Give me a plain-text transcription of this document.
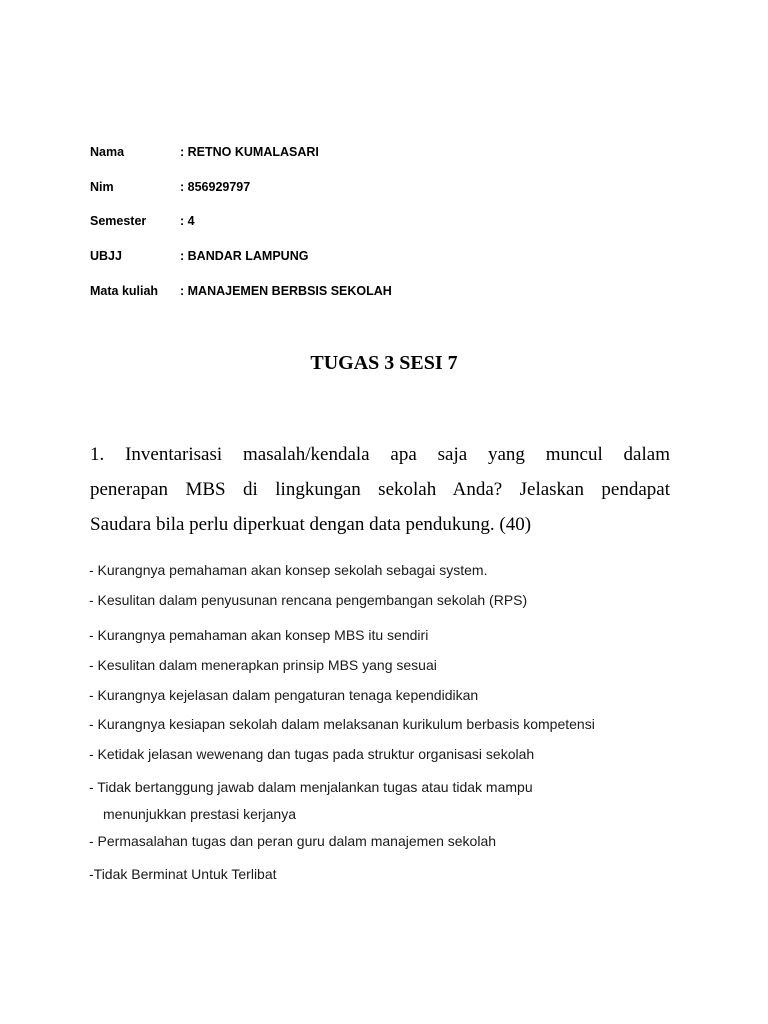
Nama	: RETNO KUMALASARI
Nim	: 856929797
Semester	: 4
UBJJ	: BANDAR LAMPUNG
Mata kuliah : MANAJEMEN BERBSIS SEKOLAH
TUGAS 3 SESI 7
1. Inventarisasi masalah/kendala apa saja yang muncul dalam
penerapan MBS di lingkungan sekolah Anda? Jelaskan pendapat
Saudara bila perlu diperkuat dengan data pendukung. (40)
- Kurangnya pemahaman akan konsep sekolah sebagai system.
- Kesulitan dalam penyusunan rencana pengembangan sekolah (RPS)
- Kurangnya pemahaman akan konsep MBS itu sendiri
- Kesulitan dalam menerapkan prinsip MBS yang sesuai
- Kurangnya kejelasan dalam pengaturan tenaga kependidikan
- Kurangnya kesiapan sekolah dalam melaksanan kurikulum berbasis kompetensi
- Ketidak jelasan wewenang dan tugas pada struktur organisasi sekolah
- Tidak bertanggung jawab dalam menjalankan tugas atau tidak mampu
menunjukkan prestasi kerjanya
- Permasalahan tugas dan peran guru dalam manajemen sekolah
-Tidak Berminat Untuk Terlibat
